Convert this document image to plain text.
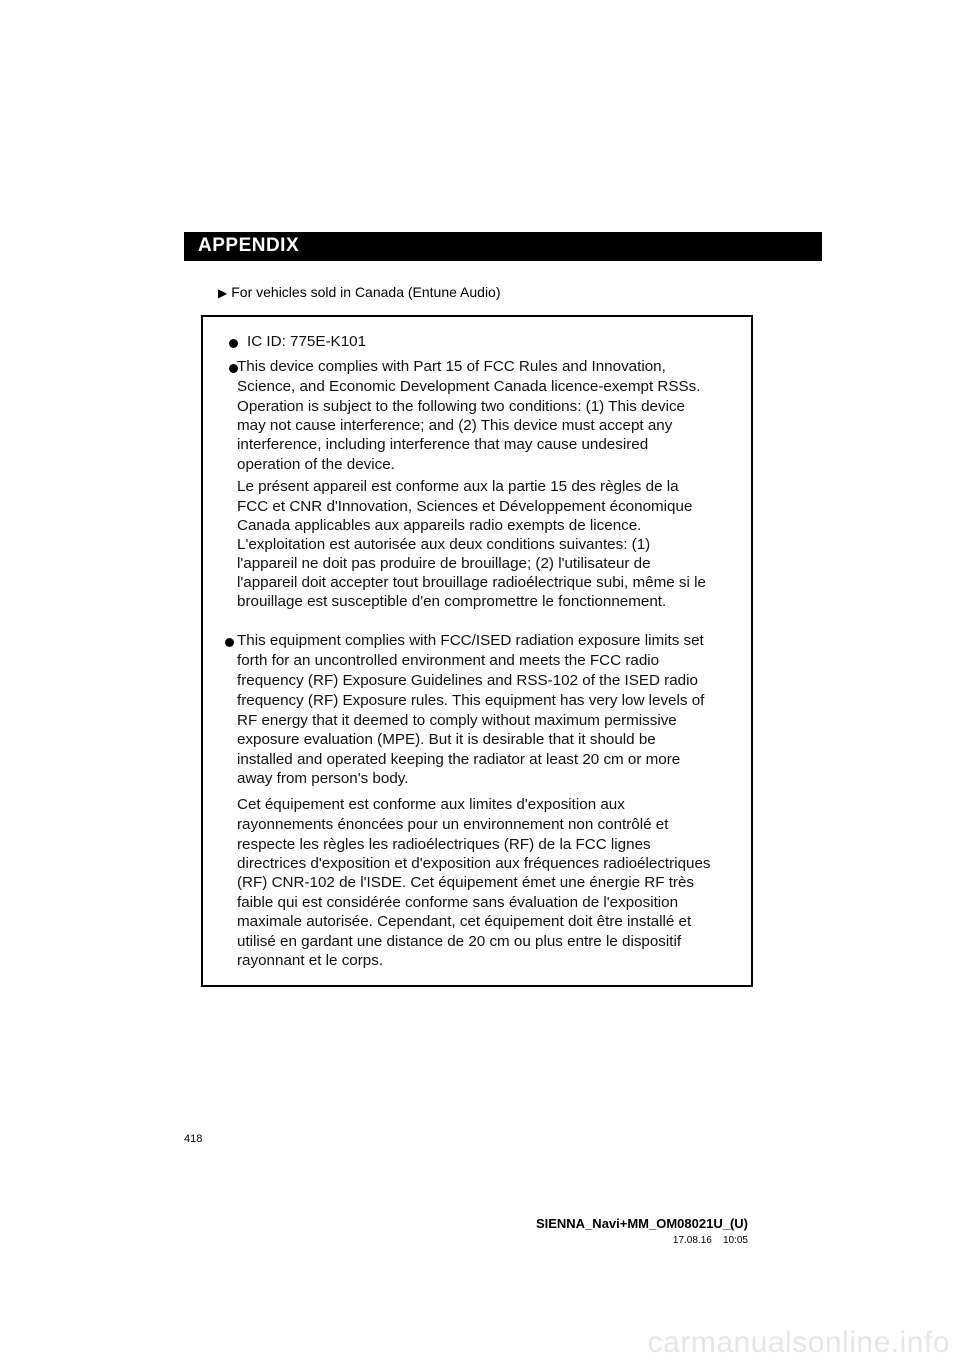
APPENDIX
▶ For vehicles sold in Canada (Entune Audio)
IC ID: 775E-K101
This device complies with Part 15 of FCC Rules and Innovation,
Science, and Economic Development Canada licence-exempt RSSs.
Operation is subject to the following two conditions: (1) This device
may not cause interference; and (2) This device must accept any
interference, including interference that may cause undesired
operation of the device.
Le présent appareil est conforme aux la partie 15 des règles de la
FCC et CNR d'Innovation, Sciences et Développement économique
Canada applicables aux appareils radio exempts de licence.
L'exploitation est autorisée aux deux conditions suivantes: (1)
l'appareil ne doit pas produire de brouillage; (2) l'utilisateur de
l'appareil doit accepter tout brouillage radioélectrique subi, même si le
brouillage est susceptible d'en compromettre le fonctionnement.
This equipment complies with FCC/ISED radiation exposure limits set
forth for an uncontrolled environment and meets the FCC radio
frequency (RF) Exposure Guidelines and RSS-102 of the ISED radio
frequency (RF) Exposure rules. This equipment has very low levels of
RF energy that it deemed to comply without maximum permissive
exposure evaluation (MPE). But it is desirable that it should be
installed and operated keeping the radiator at least 20 cm or more
away from person's body.
Cet équipement est conforme aux limites d'exposition aux
rayonnements énoncées pour un environnement non contrôlé et
respecte les règles les radioélectriques (RF) de la FCC lignes
directrices d'exposition et d'exposition aux fréquences radioélectriques
(RF) CNR-102 de l'ISDE. Cet équipement émet une énergie RF très
faible qui est considérée conforme sans évaluation de l'exposition
maximale autorisée. Cependant, cet équipement doit être installé et
utilisé en gardant une distance de 20 cm ou plus entre le dispositif
rayonnant et le corps.
418
SIENNA_Navi+MM_OM08021U_(U)
17.08.16 10:05
carmanualsonline.info
